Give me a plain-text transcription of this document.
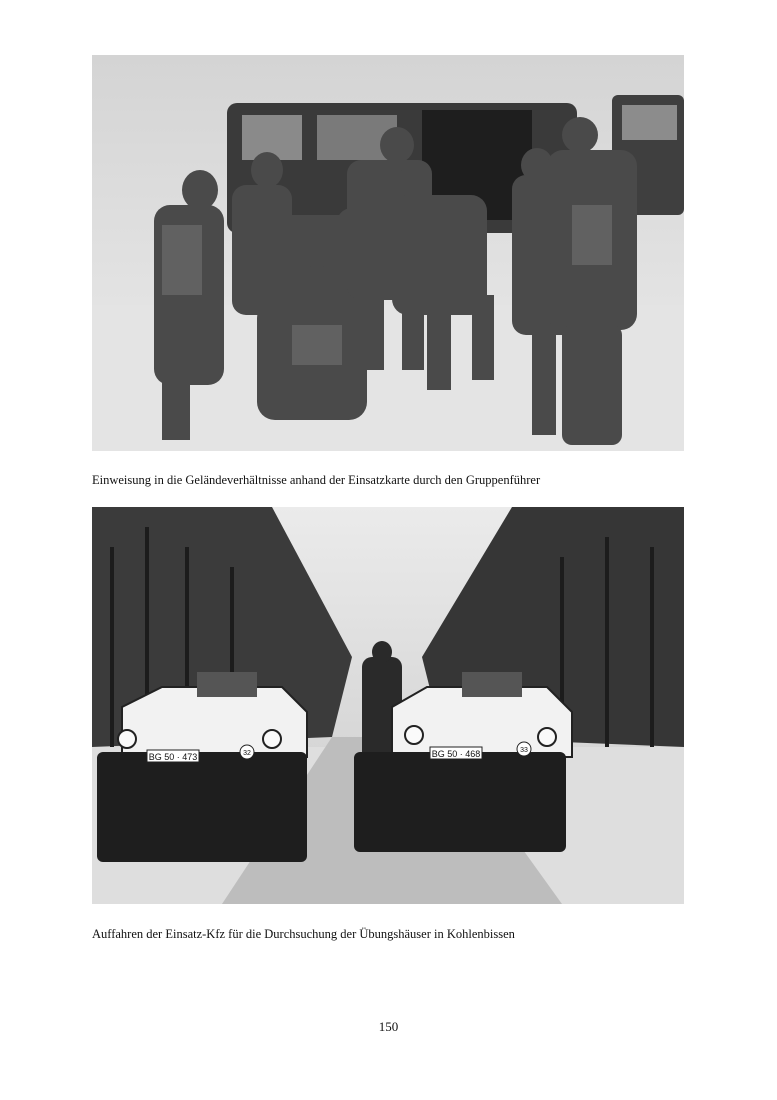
Einweisung in die Geländeverhältnisse anhand der Einsatzkarte durch den Gruppenführer
BG 50 · 473	32	BG 50 · 468	33
Auffahren der Einsatz-Kfz für die Durchsuchung der Übungshäuser in Kohlenbissen
150
